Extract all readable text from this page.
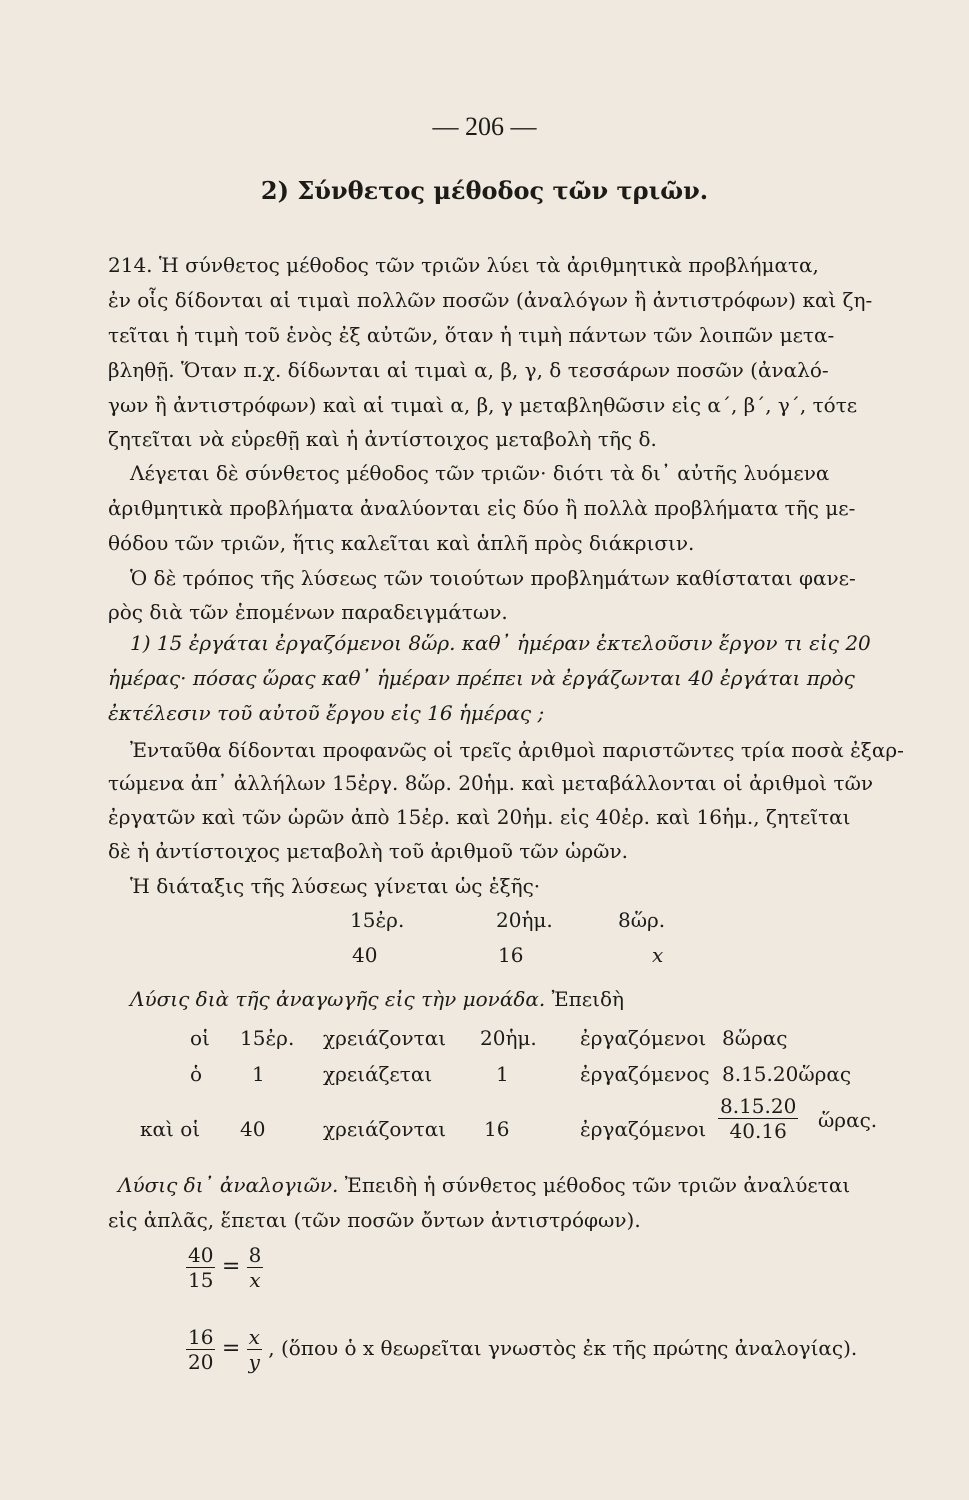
— 206 —
2) Σύνθετος μέθοδος τῶν τριῶν.
214. Ἡ σύνθετος μέθοδος τῶν τριῶν λύει τὰ ἀριθμητικὰ προβλήματα,
ἐν οἷς δίδονται αἱ τιμαὶ πολλῶν ποσῶν (ἀναλόγων ἢ ἀντιστρόφων) καὶ ζη-
τεῖται ἡ τιμὴ τοῦ ἑνὸς ἐξ αὐτῶν, ὅταν ἡ τιμὴ πάντων τῶν λοιπῶν μετα-
βληθῇ. Ὅταν π.χ. δίδωνται αἱ τιμαὶ α, β, γ, δ τεσσάρων ποσῶν (ἀναλό-
γων ἢ ἀντιστρόφων) καὶ αἱ τιμαὶ α, β, γ μεταβληθῶσιν εἰς α΄, β΄, γ΄, τότε
ζητεῖται νὰ εὑρεθῇ καὶ ἡ ἀντίστοιχος μεταβολὴ τῆς δ.
Λέγεται δὲ σύνθετος μέθοδος τῶν τριῶν· διότι τὰ δι᾽ αὐτῆς λυόμενα
ἀριθμητικὰ προβλήματα ἀναλύονται εἰς δύο ἢ πολλὰ προβλήματα τῆς με-
θόδου τῶν τριῶν, ἥτις καλεῖται καὶ ἁπλῆ πρὸς διάκρισιν.
Ὁ δὲ τρόπος τῆς λύσεως τῶν τοιούτων προβλημάτων καθίσταται φανε-
ρὸς διὰ τῶν ἑπομένων παραδειγμάτων.
1) 15 ἐργάται ἐργαζόμενοι 8ὥρ. καθ᾽ ἡμέραν ἐκτελοῦσιν ἔργον τι εἰς 20
ἡμέρας· πόσας ὥρας καθ᾽ ἡμέραν πρέπει νὰ ἐργάζωνται 40 ἐργάται πρὸς
ἐκτέλεσιν τοῦ αὐτοῦ ἔργου εἰς 16 ἡμέρας ;
Ἐνταῦθα δίδονται προφανῶς οἱ τρεῖς ἀριθμοὶ παριστῶντες τρία ποσὰ ἐξαρ-
τώμενα ἀπ᾽ ἀλλήλων 15ἐργ. 8ὥρ. 20ἡμ. καὶ μεταβάλλονται οἱ ἀριθμοὶ τῶν
ἐργατῶν καὶ τῶν ὡρῶν ἀπὸ 15ἐρ. καὶ 20ἡμ. εἰς 40ἐρ. καὶ 16ἡμ., ζητεῖται
δὲ ἡ ἀντίστοιχος μεταβολὴ τοῦ ἀριθμοῦ τῶν ὡρῶν.
Ἡ διάταξις τῆς λύσεως γίνεται ὡς ἑξῆς·
15ἐρ.	20ἡμ.	8ὥρ.
40	16	x
Λύσις διὰ τῆς ἀναγωγῆς εἰς τὴν μονάδα. Ἐπειδὴ
οἱ 15ἐρ. χρειάζονται 20ἡμ. ἐργαζόμενοι 8ὥρας
ὁ 1	χρειάζεται	1	ἐργαζόμενος 8.15.20ὥρας
καὶ οἱ 40	χρειάζονται 16	ἐργαζόμενοι $\frac{8.15.20}{40.16}$ ὥρας.
Λύσις δι᾽ ἀναλογιῶν. Ἐπειδὴ ἡ σύνθετος μέθοδος τῶν τριῶν ἀναλύεται
εἰς ἁπλᾶς, ἕπεται (τῶν ποσῶν ὄντων ἀντιστρόφων).
$\frac{40}{15} = \frac{8}{x}$
$\frac{16}{20} = \frac{x}{y}$ , (ὅπου ὁ x θεωρεῖται γνωστὸς ἐκ τῆς πρώτης ἀναλογίας).
